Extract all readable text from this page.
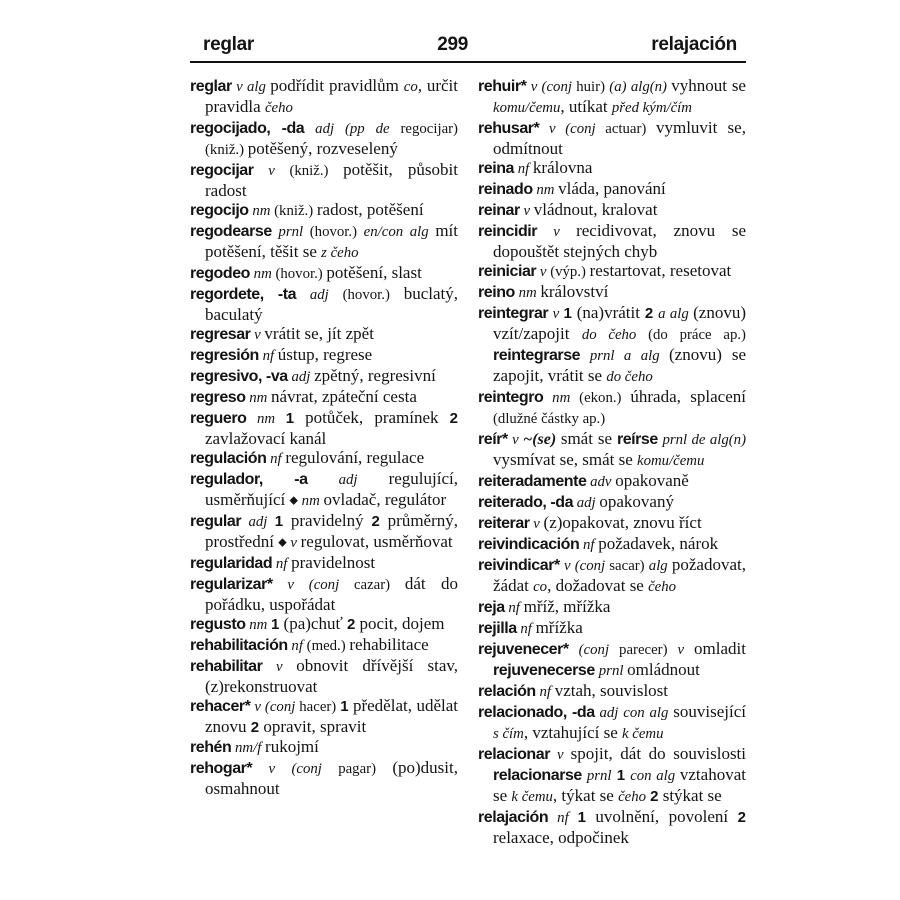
reglar	299	relajación

reglar v alg podřídit pravidlům co, určit pravidla čeho

regocijado, -da adj (pp de regocijar) (kniž.) potěšený, rozveselený

regocijar v (kniž.) potěšit, působit radost

regocijo nm (kniž.) radost, potěšení

regodearse prnl (hovor.) en/con alg mít potěšení, těšit se z čeho

regodeo nm (hovor.) potěšení, slast

regordete, -ta adj (hovor.) buclatý, baculatý

regresar v vrátit se, jít zpět

regresión nf ústup, regrese

regresivo, -va adj zpětný, regresivní

regreso nm návrat, zpáteční cesta

reguero nm 1 potůček, pramínek 2 zavlažovací kanál

regulación nf regulování, regulace

regulador, -a adj regulující, usměrňující ◆ nm ovladač, regulátor

regular adj 1 pravidelný 2 průměrný, prostřední ◆ v regulovat, usměrňovat

regularidad nf pravidelnost

regularizar* v (conj cazar) dát do pořádku, uspořádat

regusto nm 1 (pa)chuť 2 pocit, dojem

rehabilitación nf (med.) rehabilitace

rehabilitar v obnovit dřívější stav, (z)rekonstruovat

rehacer* v (conj hacer) 1 předělat, udělat znovu 2 opravit, spravit

rehén nm/f rukojmí

rehogar* v (conj pagar) (po)dusit, osmahnout

rehuir* v (conj huir) (a) alg(n) vyhnout se komu/čemu, utíkat před kým/čím

rehusar* v (conj actuar) vymluvit se, odmítnout

reina nf královna

reinado nm vláda, panování

reinar v vládnout, kralovat

reincidir v recidivovat, znovu se dopouštět stejných chyb

reiniciar v (výp.) restartovat, resetovat

reino nm království

reintegrar v 1 (na)vrátit 2 a alg (znovu) vzít/zapojit do čeho (do práce ap.) reintegrarse prnl a alg (znovu) se zapojit, vrátit se do čeho

reintegro nm (ekon.) úhrada, splacení (dlužné částky ap.)

reír* v ~(se) smát se reírse prnl de alg(n) vysmívat se, smát se komu/čemu

reiteradamente adv opakovaně

reiterado, -da adj opakovaný

reiterar v (z)opakovat, znovu říct

reivindicación nf požadavek, nárok

reivindicar* v (conj sacar) alg požadovat, žádat co, dožadovat se čeho

reja nf mříž, mřížka

rejilla nf mřížka

rejuvenecer* (conj parecer) v omladit rejuvenecerse prnl omládnout

relación nf vztah, souvislost

relacionado, -da adj con alg související s čím, vztahující se k čemu

relacionar v spojit, dát do souvislosti relacionarse prnl 1 con alg vztahovat se k čemu, týkat se čeho 2 stýkat se

relajación nf 1 uvolnění, povolení 2 relaxace, odpočinek
